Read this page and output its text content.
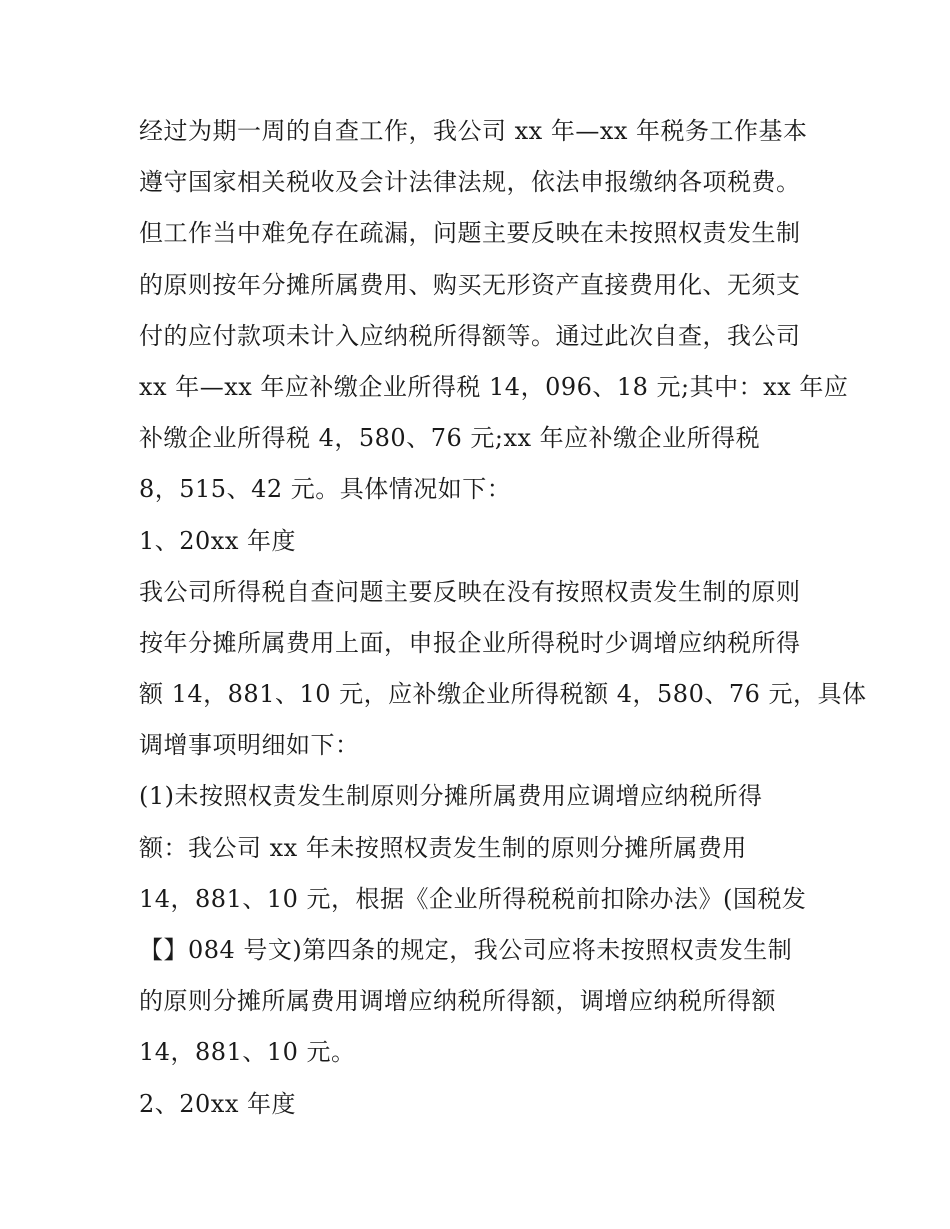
经过为期一周的自查工作，我公司 xx 年—xx 年税务工作基本

遵守国家相关税收及会计法律法规，依法申报缴纳各项税费。

但工作当中难免存在疏漏，问题主要反映在未按照权责发生制

的原则按年分摊所属费用、购买无形资产直接费用化、无须支

付的应付款项未计入应纳税所得额等。通过此次自查，我公司

xx 年—xx 年应补缴企业所得税 14，096、18 元;其中：xx 年应

补缴企业所得税 4，580、76 元;xx 年应补缴企业所得税

8，515、42 元。具体情况如下：

1、20xx 年度

我公司所得税自查问题主要反映在没有按照权责发生制的原则

按年分摊所属费用上面，申报企业所得税时少调增应纳税所得

额 14，881、10 元，应补缴企业所得税额 4，580、76 元，具体

调增事项明细如下：

(1)未按照权责发生制原则分摊所属费用应调增应纳税所得

额：我公司 xx 年未按照权责发生制的原则分摊所属费用

14，881、10 元，根据《企业所得税税前扣除办法》(国税发

【】084 号文)第四条的规定，我公司应将未按照权责发生制

的原则分摊所属费用调增应纳税所得额，调增应纳税所得额

14，881、10 元。

2、20xx 年度
